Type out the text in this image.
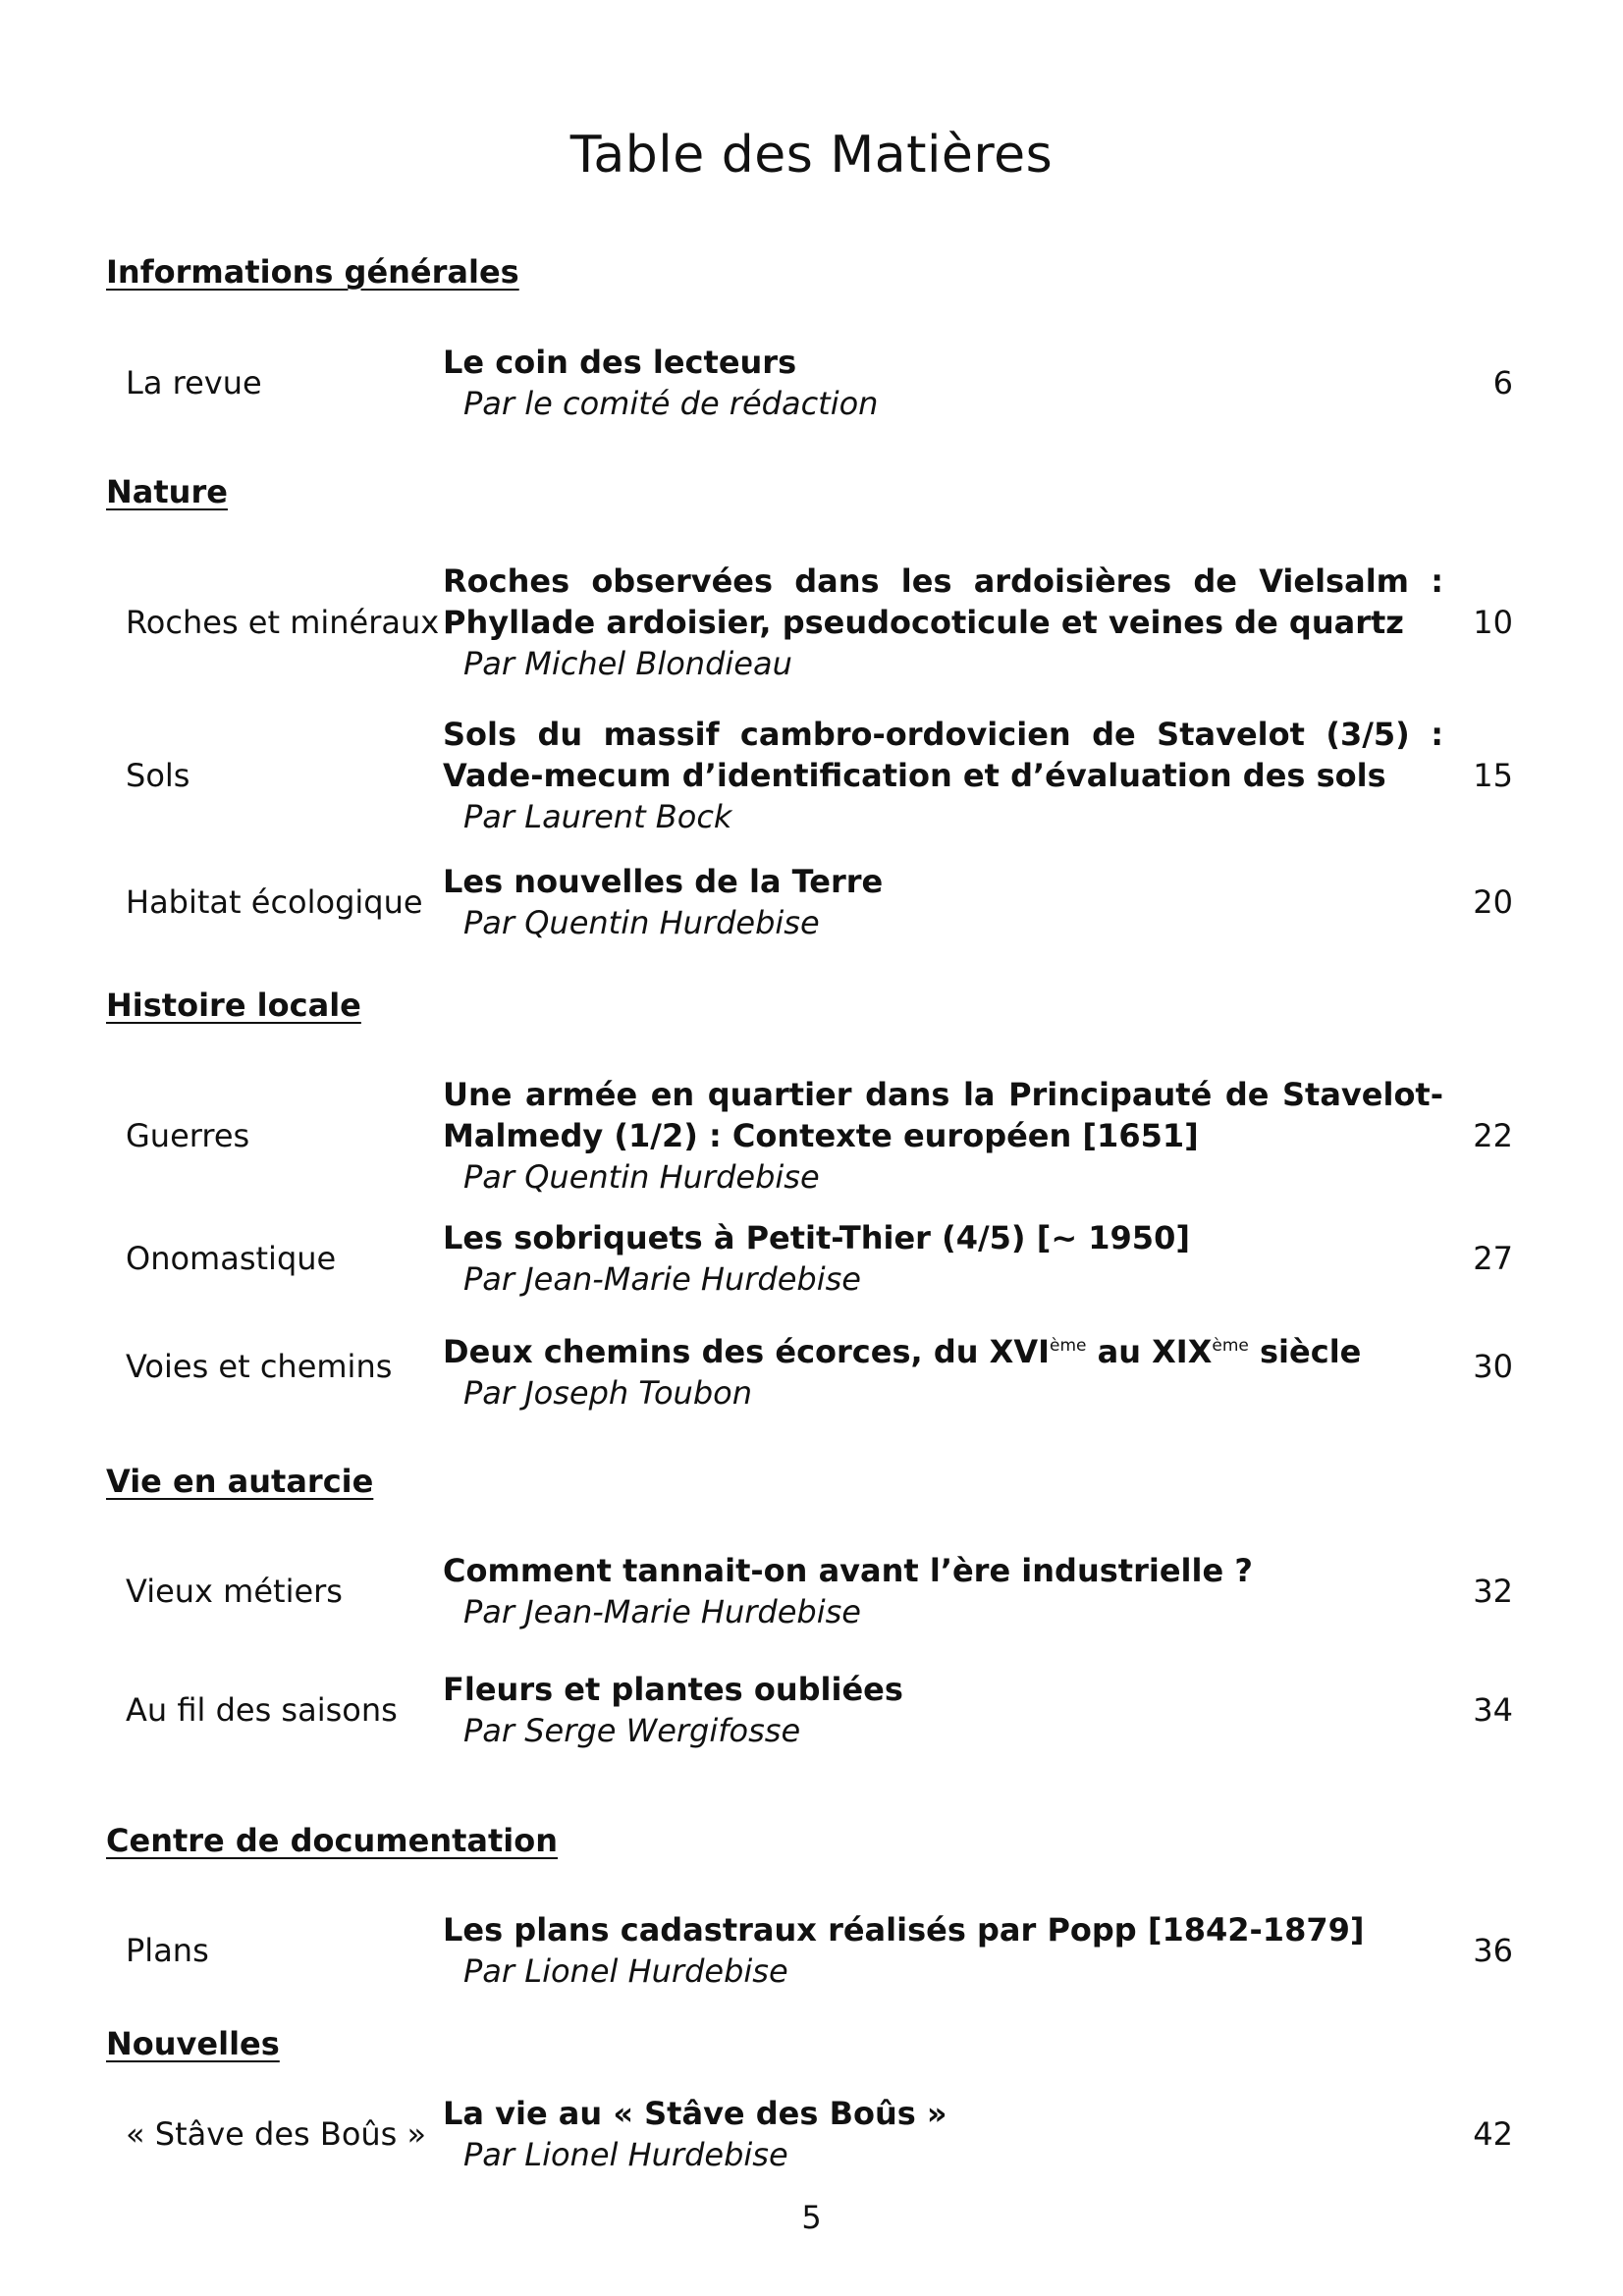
Table des Matières
Informations générales
La revue
Le coin des lecteurs
Par le comité de rédaction
6
Nature
Roches et minéraux
Roches observées dans les ardoisières de Vielsalm : Phyllade ardoisier, pseudocoticule et veines de quartz
Par Michel Blondieau
10
Sols
Sols du massif cambro-ordovicien de Stavelot (3/5) : Vade-mecum d’identification et d’évaluation des sols
Par Laurent Bock
15
Habitat écologique
Les nouvelles de la Terre
Par Quentin Hurdebise
20
Histoire locale
Guerres
Une armée en quartier dans la Principauté de Stavelot-Malmedy (1/2) : Contexte européen [1651]
Par Quentin Hurdebise
22
Onomastique
Les sobriquets à Petit-Thier (4/5) [~ 1950]
Par Jean-Marie Hurdebise
27
Voies et chemins Deux chemins des écorces, du XVIème au XIXème siècle
Par Joseph Toubon
30
Vie en autarcie
Vieux métiers
Comment tannait-on avant l’ère industrielle ?
Par Jean-Marie Hurdebise
32
Au fil des saisons
Fleurs et plantes oubliées
Par Serge Wergifosse
34
Centre de documentation
Plans
Les plans cadastraux réalisés par Popp [1842-1879]
Par Lionel Hurdebise
36
Nouvelles
« Stâve des Boûs »
La vie au « Stâve des Boûs »
Par Lionel Hurdebise
42
5
